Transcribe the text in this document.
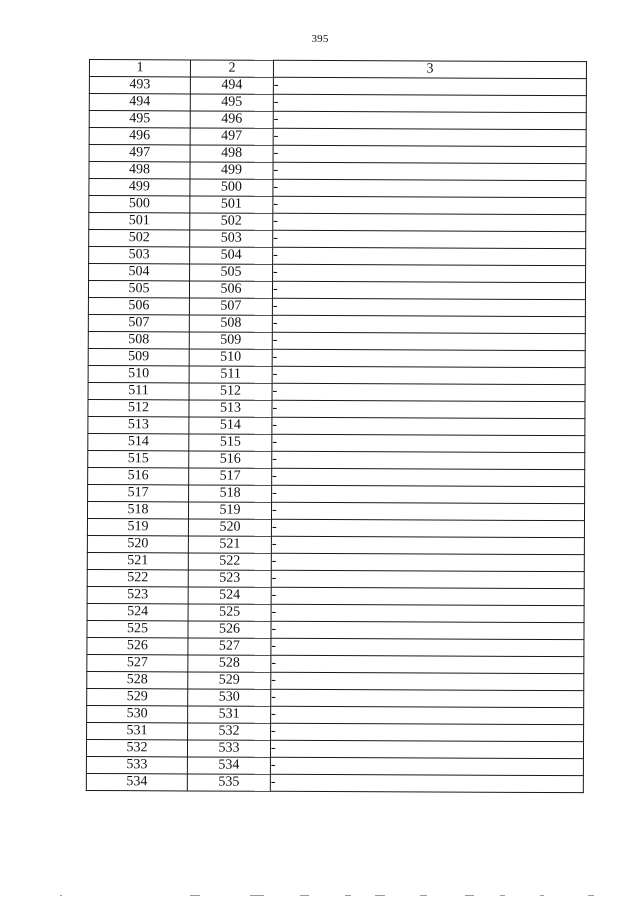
395
1	2	3
493	494	-
494	495	-
495	496	-
496	497	-
497	498	-
498	499	-
499	500	-
500	501	-
501	502	-
502	503	-
503	504	-
504	505	-
505	506	-
506	507	-
507	508	-
508	509	-
509	510	-
510	511	-
511	512	-
512	513	-
513	514	-
514	515	-
515	516	-
516	517	-
517	518	-
518	519	-
519	520	-
520	521	-
521	522	-
522	523	-
523	524	-
524	525	-
525	526	-
526	527	-
527	528	-
528	529	-
529	530	-
530	531	-
531	532	-
532	533	-
533	534	-
534	535	-
